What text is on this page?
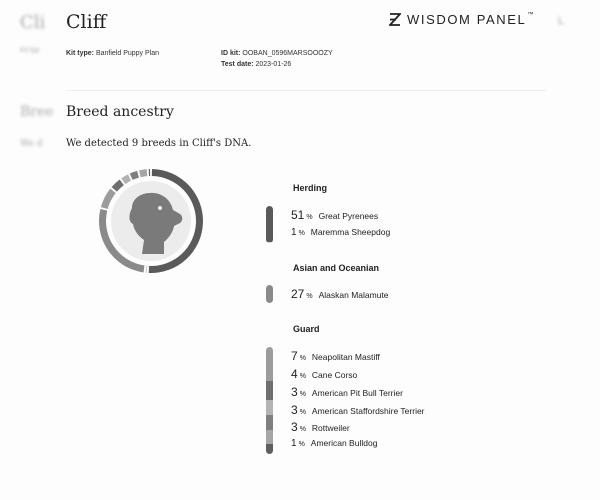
Cli
Kit typ
Bree
We d
L
Cliff	WISDOM PANEL™
Kit type: Banfield Puppy Plan	ID kit: OOBAN_0596MARSOOOZY
Test date: 2023-01-26
Breed ancestry
We detected 9 breeds in Cliff's DNA.
Herding
51 % Great Pyrenees
1 % Maremma Sheepdog
Asian and Oceanian
27 % Alaskan Malamute
Guard
7 % Neapolitan Mastiff
4 % Cane Corso
3 % American Pit Bull Terrier
3 % American Staffordshire Terrier
3 % Rottweiler
1 % American Bulldog
